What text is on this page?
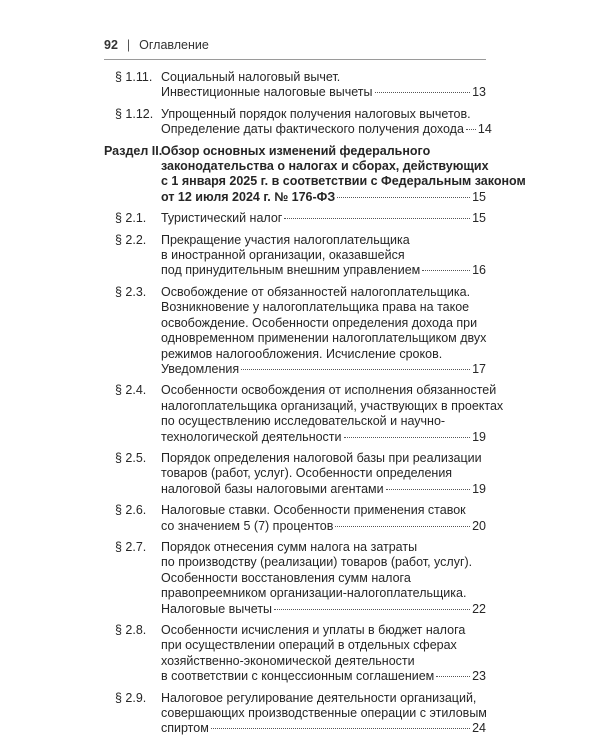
92 | Оглавление
§ 1.11. Социальный налоговый вычет.
Инвестиционные налоговые вычеты	13
§ 1.12. Упрощенный порядок получения налоговых вычетов.
Определение даты фактического получения дохода 14
Раздел II.
Обзор основных изменений федерального
законодательства о налогах и сборах, действующих
с 1 января 2025 г. в соответствии с Федеральным законом
от 12 июля 2024 г. № 176-ФЗ	15
§ 2.1. Туристический налог	15
§ 2.2. Прекращение участия налогоплательщика
в иностранной организации, оказавшейся
под принудительным внешним управлением	16
§ 2.3. Освобождение от обязанностей налогоплательщика.
Возникновение у налогоплательщика права на такое
освобождение. Особенности определения дохода при
одновременном применении налогоплательщиком двух
режимов налогообложения. Исчисление сроков.
Уведомления	17
§ 2.4. Особенности освобождения от исполнения обязанностей
налогоплательщика организаций, участвующих в проектах
по осуществлению исследовательской и научно-
технологической деятельности	19
§ 2.5. Порядок определения налоговой базы при реализации
товаров (работ, услуг). Особенности определения
налоговой базы налоговыми агентами	19
§ 2.6. Налоговые ставки. Особенности применения ставок
со значением 5 (7) процентов	20
§ 2.7. Порядок отнесения сумм налога на затраты
по производству (реализации) товаров (работ, услуг).
Особенности восстановления сумм налога
правопреемником организации-налогоплательщика.
Налоговые вычеты	22
§ 2.8. Особенности исчисления и уплаты в бюджет налога
при осуществлении операций в отдельных сферах
хозяйственно-экономической деятельности
в соответствии с концессионным соглашением	23
§ 2.9. Налоговое регулирование деятельности организаций,
совершающих производственные операции с этиловым
спиртом	24
